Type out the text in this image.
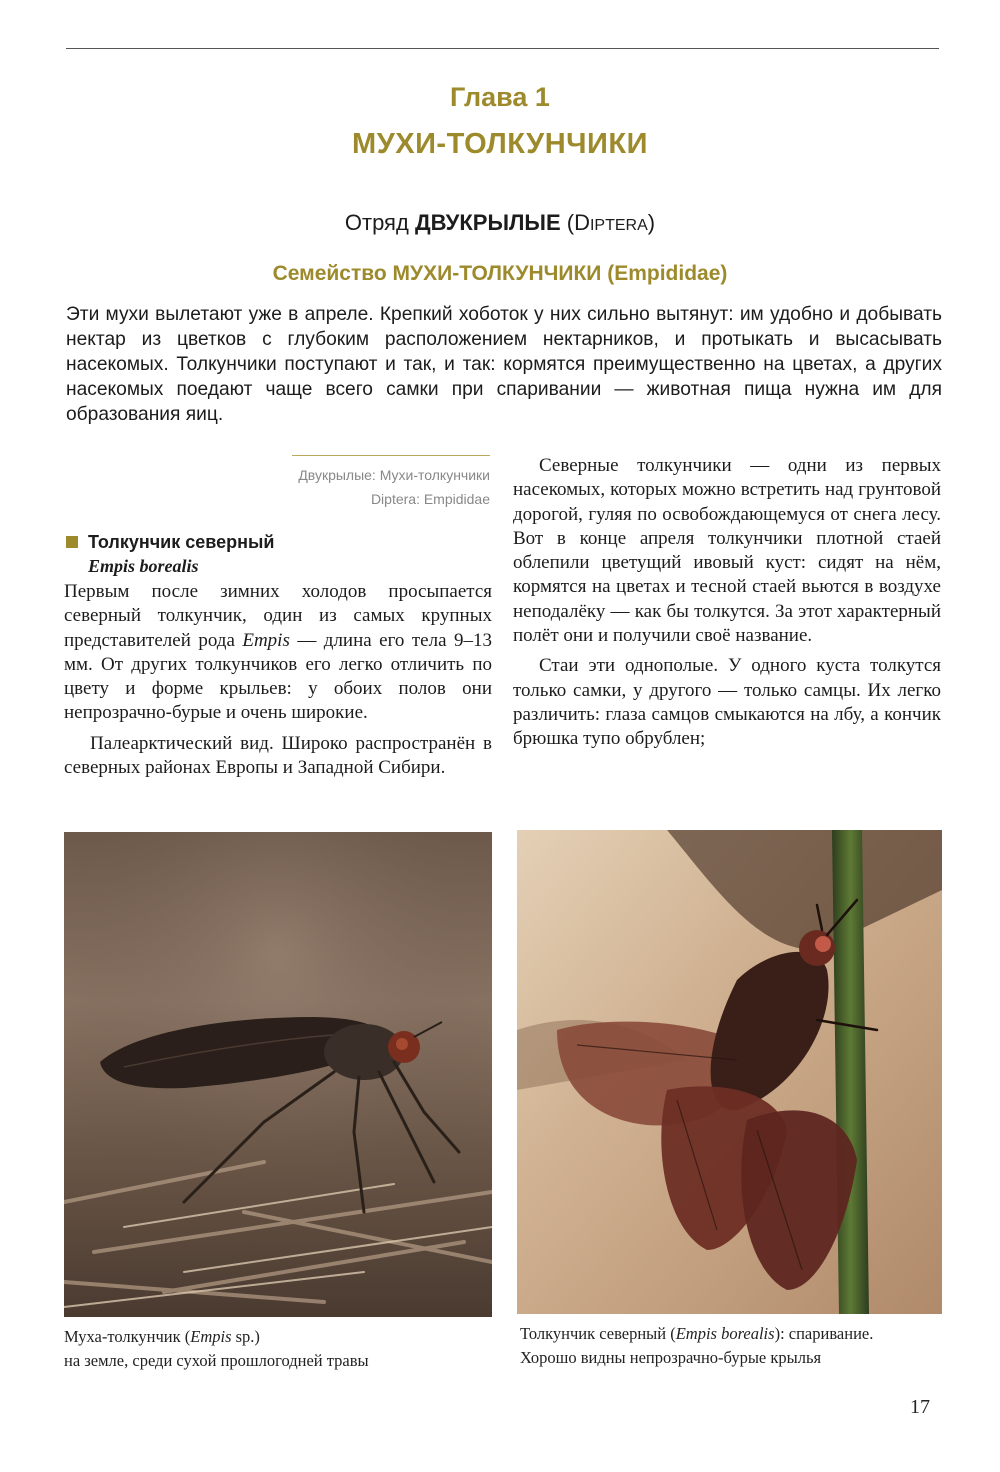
Глава 1
МУХИ-ТОЛКУНЧИКИ
Отряд ДВУКРЫЛЫЕ (DIPTERA)
Семейство МУХИ-ТОЛКУНЧИКИ (Empididae)

Эти мухи вылетают уже в апреле. Крепкий хоботок у них сильно вытянут: им удобно и добывать нектар из цветков с глубоким расположением нектарников, и протыкать и высасывать насекомых. Толкунчики поступают и так, и так: кормятся преимущественно на цветах, а других насекомых поедают чаще всего самки при спаривании — животная пища нужна им для образования яиц.

Двукрылые: Мухи-толкунчики
Diptera: Empididae
Толкунчик северный
Empis borealis

Первым после зимних холодов просыпается северный толкунчик, один из самых крупных представителей рода Empis — длина его тела 9–13 мм. От других толкунчиков его легко отличить по цвету и форме крыльев: у обоих полов они непрозрачно-бурые и очень широкие.

Палеарктический вид. Широко распространён в северных районах Европы и Западной Сибири.

Северные толкунчики — одни из первых насекомых, которых можно встретить над грунтовой дорогой, гуляя по освобождающемуся от снега лесу. Вот в конце апреля толкунчики плотной стаей облепили цветущий ивовый куст: сидят на нём, кормятся на цветах и тесной стаей вьются в воздухе неподалёку — как бы толкутся. За этот характерный полёт они и получили своё название.

Стаи эти однополые. У одного куста толкутся только самки, у другого — только самцы. Их легко различить: глаза самцов смыкаются на лбу, а кончик брюшка тупо обрублен;

Муха-толкунчик (Empis sp.)
на земле, среди сухой прошлогодней травы
Толкунчик северный (Empis borealis): спаривание.
Хорошо видны непрозрачно-бурые крылья
17
